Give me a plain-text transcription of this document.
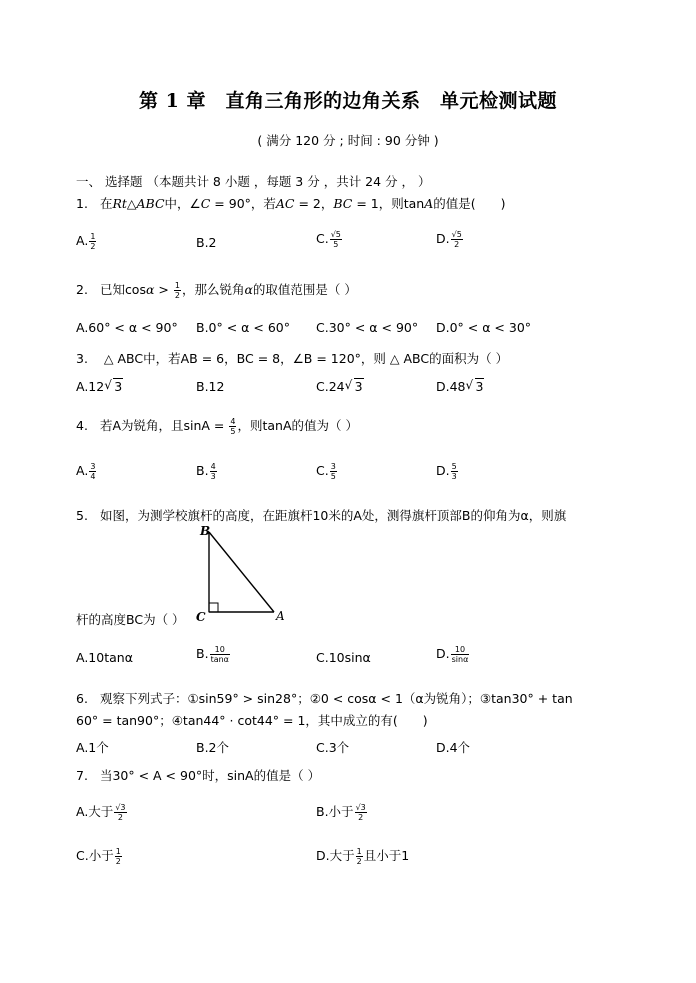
第 1 章　直角三角形的边角关系　单元检测试题
( 满分 120 分 ; 时间 : 90 分钟 )
一、 选择题 （本题共计 8 小题 ，每题 3 分 ，共计 24 分 ， ）
1. 在Rt△ABC中，∠C = 90°，若AC = 2，BC = 1，则tanA的值是(　　)
A. $\frac{1}{2}$	B.2	C. $\frac{√5}{5}$	D. $\frac{√5}{2}$
2. 已知$\cos\alpha > \frac{1}{2}$ ，那么锐角α的取值范围是（ ）
A.60° < α < 90° B.0° < α < 60° C.30° < α < 90° D.0° < α < 30°
3. △ ABC中，若AB = 6，BC = 8，∠B = 120°，则 △ ABC的面积为（ ）
A.12 √ 3	B.12	C.24 √ 3	D.48 √ 3
4. 若A为锐角，且$\sin A = \frac{4}{5}$ ，则tanA的值为（ ）
A. $\frac{3}{4}$	B. $\frac{4}{3}$	C. $\frac{3}{5}$	D. $\frac{5}{3}$
5. 如图，为测学校旗杆的高度，在距旗杆10米的A处，测得旗杆顶部B的仰角为α，则旗
B
C	A
杆的高度BC为（ ）
A.10tanα	B. $\frac{10}{\tan\alpha}$	C.10sinα	D. $\frac{10}{\sin\alpha}$
6. 观察下列式子：①sin59° > sin28°；②0 < cosα < 1（α为锐角）；③tan30° + tan
60° = tan90°；④tan44° · cot44° = 1，其中成立的有(　　)
A.1个	B.2个	C.3个	D.4个
7. 当30° < A < 90°时，sinA的值是（ ）
A.大于 $\frac{√3}{2}$	B.小于 $\frac{√3}{2}$
C.小于 $\frac{1}{2}$	D.大于 $\frac{1}{2}$ 且小于1
